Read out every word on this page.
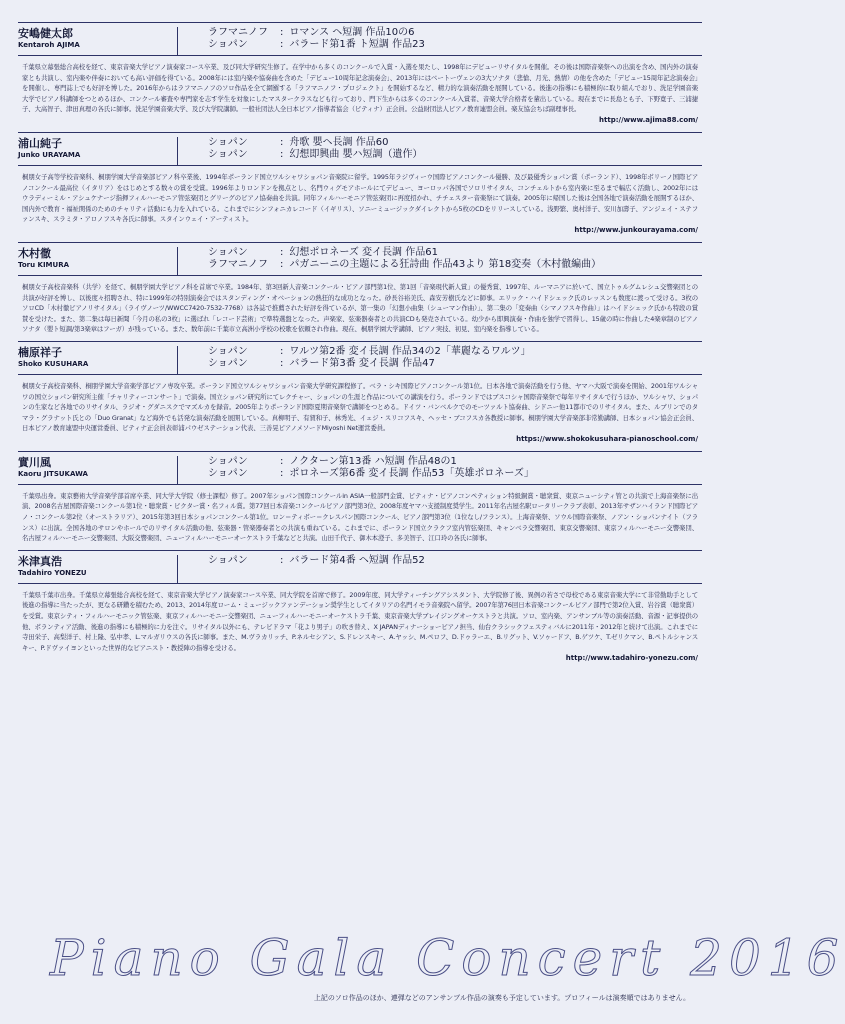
安嶋健太郎
Kentaroh AJIMA
ラフマニノフ	: ロマンス ヘ短調 作品10の6
ショパン	: バラード第1番 ト短調 作品23

千葉県立幕張総合高校を経て、東京音楽大学ピアノ演奏家コース卒業、及び同大学研究生修了。在学中から多くのコンクールで入賞・入選を果たし、1998年にデビューリサイタルを開催。その後は国際音楽祭への出演を含め、国内外の演奏家とも共演し、室内楽や伴奏においても高い評価を得ている。2008年には室内楽や協奏曲を含めた「デビュー10周年記念演奏会」、2013年にはベートーヴェンの3大ソナタ（悲愴、月光、熱情）の他を含めた「デビュー15周年記念演奏会」を開催し、専門誌上でも好評を博した。2016年からはラフマニノフのソロ作品を全て網羅する「ラフマニノフ・プロジェクト」を開始するなど、精力的な演奏活動を展開している。後進の指導にも積極的に取り組んでおり、洗足学園音楽大学でピアノ科講師をつとめるほか、コンクール審査や専門家を志す学生を対象にしたマスタークラスなども行っており、門下生からは多くのコンクール入賞者、音楽大学合格者を輩出している。現在までに長島とも子、下野寛子、三浦捷子、大高智子、津田真理の各氏に師事。洗足学園音楽大学、及び大学院講師。一般社団法人全日本ピアノ指導者協会（ピティナ）正会員。公益財団法人ピアノ教育連盟会員。楽友協会ちば副理事長。

http://www.ajima88.com/
浦山純子
Junko URAYAMA
ショパン	: 舟歌 嬰ヘ長調 作品60
ショパン	: 幻想即興曲 嬰ハ短調（遺作）

桐朋女子高等学校音楽科、桐朋学園大学音楽部ピアノ科卒業後、1994年ポーランド国立ワルシャワショパン音楽院に留学。1995年ラジヴィーウ国際ピアノコンクール優勝、及び最優秀ショパン賞（ポーランド）、1998年ボリーノ国際ピアノコンクール最高位（イタリア）をはじめとする数々の賞を受賞。1996年よりロンドンを拠点とし、名門ウィグモアホールにてデビュー、ヨーロッパ各国でソロリサイタル、コンチェルトから室内楽に至るまで幅広く活動し、2002年にはウラディーミル・アシュケナージ指揮フィルハーモニア管弦楽団とグリーグのピアノ協奏曲を共演。同年フィルハーモニア管弦楽団に再度招かれ、チチェスター音楽祭にて演奏。2005年に帰国した後は全国各地で演奏活動を展開するほか、国内外で教育・福祉関係のためのチャリティ活動にも力を入れている。これまでにシンフォニカレコード（イギリス）、ソニーミュージックダイレクトから5枚のCDをリリースしている。浅野繁、奥村洋子、安川加壽子、アンジェイ・ステファンスキ、スラミタ・アロノフスキ各氏に師事。スタインウェイ・アーティスト。

http://www.junkourayama.com/
木村徹
Toru KIMURA
ショパン	: 幻想ポロネーズ 変イ長調 作品61
ラフマニノフ	: パガニーニの主題による狂詩曲 作品43より 第18変奏（木村徹編曲）

桐朋女子高校音楽科（共学）を経て、桐朋学園大学ピアノ科を首席で卒業。1984年、第3回新人音楽コンクール・ピアノ部門第1位、第1回「音楽現代新人賞」の優秀賞、1997年、ルーマニアに於いて、国立トゥルグムレシュ交響楽団との共演が好評を博し、以後度々招聘され、特に1999年の特別演奏会ではスタンディング・オベーションの熱狂的な成功となった。砂長谷裕美氏、森安芳樹氏などに師事。エリック・ハイドシェック氏のレッスンも数度に渡って受ける。3枚のソロCD「木村徹ピアノリサイタル」（ライヴノーツ/WWCC7420-7532-7768）は各誌で推薦された好評を得ているが、第一集の「幻想小曲集（シューマン作曲）」、第二集の「変奏曲（シマノフスキ作曲）」はハイドシェック氏から特段の賞賛を受けた。また、第二集は毎日新聞「今月の私の3枚」に選ばれ「レコード芸術」で準特選盤となった。声楽家、弦楽器奏者との共演CDも発売されている。幼少から即興演奏・作曲を独学で習得し、15歳の時に作曲した4楽章制のピアノソナタ（嬰ト短調/第3楽章はフーガ）が残っている。また、数年前に千葉市立高洲小学校の校歌を依頼され作曲。現在、桐朋学園大学講師、ピアノ実技、初見、室内楽を指導している。

楠原祥子
Shoko KUSUHARA
ショパン	: ワルツ第2番 変イ長調 作品34の2「華麗なるワルツ」
ショパン	: バラード第3番 変イ長調 作品47

桐朋女子高校音楽科、桐朋学園大学音楽学部ピアノ専攻卒業。ポーランド国立ワルシャワショパン音楽大学研究課程修了。ベラ・シキ国際ピアノコンクール第1位。日本各地で演奏活動を行う他、ヤマハ大阪で演奏を開始、2001年ワルシャワの国立ショパン研究所主催「チャリティーコンサート」で演奏。国立ショパン研究所にてレクチャー、ショパンの生涯と作品についての講演を行う。ポーランドではブスコシャ国際音楽祭で毎年リサイタルで行うほか、ワルシャワ、ショパンの生家など各地でのリサイタル、ラジオ・グダニスクでマズルカを録音。2005年よりポーランド国際夏期音楽祭で講師をつとめる。ドイツ・バンベルクでのモーツァルト協奏曲、シドニー他11都市でのリサイタル。また、ルブリンでのタマラ・グラナット氏との「Duo Granat」など海外でも活発な演奏活動を展開している。真柳明子、有賀和子、林秀光、イェジ・スリコフスキ、ヘッセ・ブコフスカ各教授に師事。桐朋学園大学音楽部非常勤講師、日本ショパン協会正会員、日本ピアノ教育連盟中央運営委員、ピティナ正会員表彰浦パウゼステーション代表、三善晃ピアノメソードMiyoshi Net運営委員。

https://www.shokokusuhara-pianoschool.com/
實川風
Kaoru JITSUKAWA
ショパン	: ノクターン第13番 ハ短調 作品48の1
ショパン	: ポロネーズ第6番 変イ長調 作品53「英雄ポロネーズ」

千葉県出身。東京藝術大学音楽学部首席卒業、同大学大学院（修士課程）修了。2007年ショパン国際コンクールin ASIA一般部門金賞、ピティナ・ピアノコンペティション特級銅賞・聴衆賞、東京ニューシティ管との共演で上海音楽祭に出演、2008名古屋国際音楽コンクール第1位・聴衆賞・ピクター賞・名フィル賞。第77回日本音楽コンクールピアノ部門第3位、2008年度ヤマハ支援制度奨学生。2011年名古屋名駅ロータリークラブ表彰、2013年サザンハイランド国際ピアノ・コンクール第2位（オーストラリア）、2015年第3回日本ショパンコンクール第1位。ロン＝ティボー＝クレスパン国際コンクール、ピアノ部門第3位（1位なし/フランス）。上海音楽祭、ソウル国際音楽祭、ノアン・ショパンナイト（フランス）に出演。全国各地のサロンやホールでのリサイタル活動の他、弦楽器・管楽器奏者との共演も重ねている。これまでに、ポーランド国立クラクフ室内管弦楽団、キャンベラ交響楽団、東京交響楽団、東京フィルハーモニー交響楽団、名古屋フィルハーモニー交響楽団、大阪交響楽団、ニューフィルハーモニーオーケストラ千葉などと共演。山田千代子、御木本澄子、多美智子、江口玲の各氏に師事。

米津真浩
Tadahiro YONEZU
ショパン	: バラード第4番 ヘ短調 作品52

千葉県千葉市出身。千葉県立幕張総合高校を経て、東京音楽大学ピアノ演奏家コース卒業、同大学院を首席で修了。2009年度、同大学ティーチングアシスタント、大学院修了後、異例の若さで母校である東京音楽大学にて非常勤助手として後進の指導に当たったが、更なる研鑽を積むため、2013、2014年度ローム・ミュージックファンデーション奨学生としてイタリアの名門イモラ音楽院へ留学。2007年第76回日本音楽コンクールピアノ部門で第2位入賞、岩谷賞（聴衆賞）を受賞。東京シティ・フィルハーモニック管弦楽、東京フィルハーモニー交響楽団、ニューフィルハーモニーオーケストラ千葉、東京音楽大学ブレイジングオーケストラと共演。ソロ、室内楽、アンサンブル等の演奏活動、音源・記事提供の他、ボランティア活動、後進の指導にも積極的に力を注ぐ。リサイタル以外にも、テレビドラマ「花より男子」の吹き替え、X JAPANディナーショーピアノ担当、仙台クラシックフェスティバルに2011年・2012年と続けて出演。これまでに寺田栄子、高梨洋子、村上隆、弘中孝、L.マルガリウスの各氏に師事。また、M.ヴラカリッチ、P.ネルセシアン、S.ドレンスキー、A.ヤッシ、M.ペロフ、D.ドゥラーエ、B.リグット、V.ソゥードフ、B.ゲツケ、T.ゼリクマン、B.ペトルシャンスキー、P.ドヴァイヨンといった世界的なピアニスト・教授陣の指導を受ける。

http://www.tadahiro-yonezu.com/
Piano Gala Concert 2016
上記のソロ作品のほか、連弾などのアンサンブル作品の演奏も予定しています。プロフィールは演奏順ではありません。
